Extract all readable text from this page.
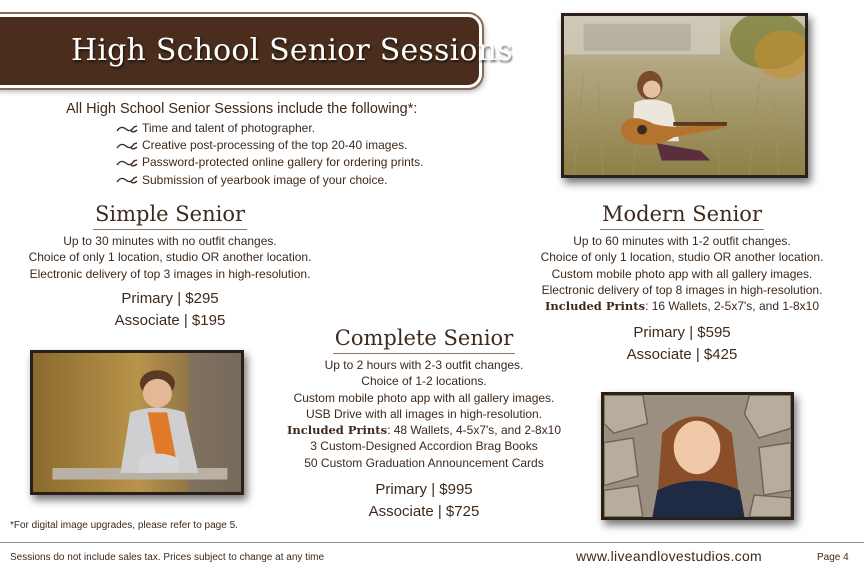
High School Senior Sessions
All High School Senior Sessions include the following*:
Time and talent of photographer.
Creative post-processing of the top 20-40 images.
Password-protected online gallery for ordering prints.
Submission of yearbook image of your choice.
Simple Senior
Up to 30 minutes with no outfit changes.
Choice of only 1 location, studio OR another location.
Electronic delivery of top 3 images in high-resolution.
Primary | $295
Associate | $195
Modern Senior
Up to 60 minutes with 1-2 outfit changes.
Choice of only 1 location, studio OR another location.
Custom mobile photo app with all gallery images.
Electronic delivery of top 8 images in high-resolution.
Included Prints: 16 Wallets, 2-5x7's, and 1-8x10
Primary | $595
Associate | $425
Complete Senior
Up to 2 hours with 2-3 outfit changes.
Choice of 1-2 locations.
Custom mobile photo app with all gallery images.
USB Drive with all images in high-resolution.
Included Prints: 48 Wallets, 4-5x7's, and 2-8x10
3 Custom-Designed Accordion Brag Books
50 Custom Graduation Announcement Cards
Primary | $995
Associate | $725
*For digital image upgrades, please refer to page 5.
Sessions do not include sales tax. Prices subject to change at any time	www.liveandlovestudios.com	Page 4
